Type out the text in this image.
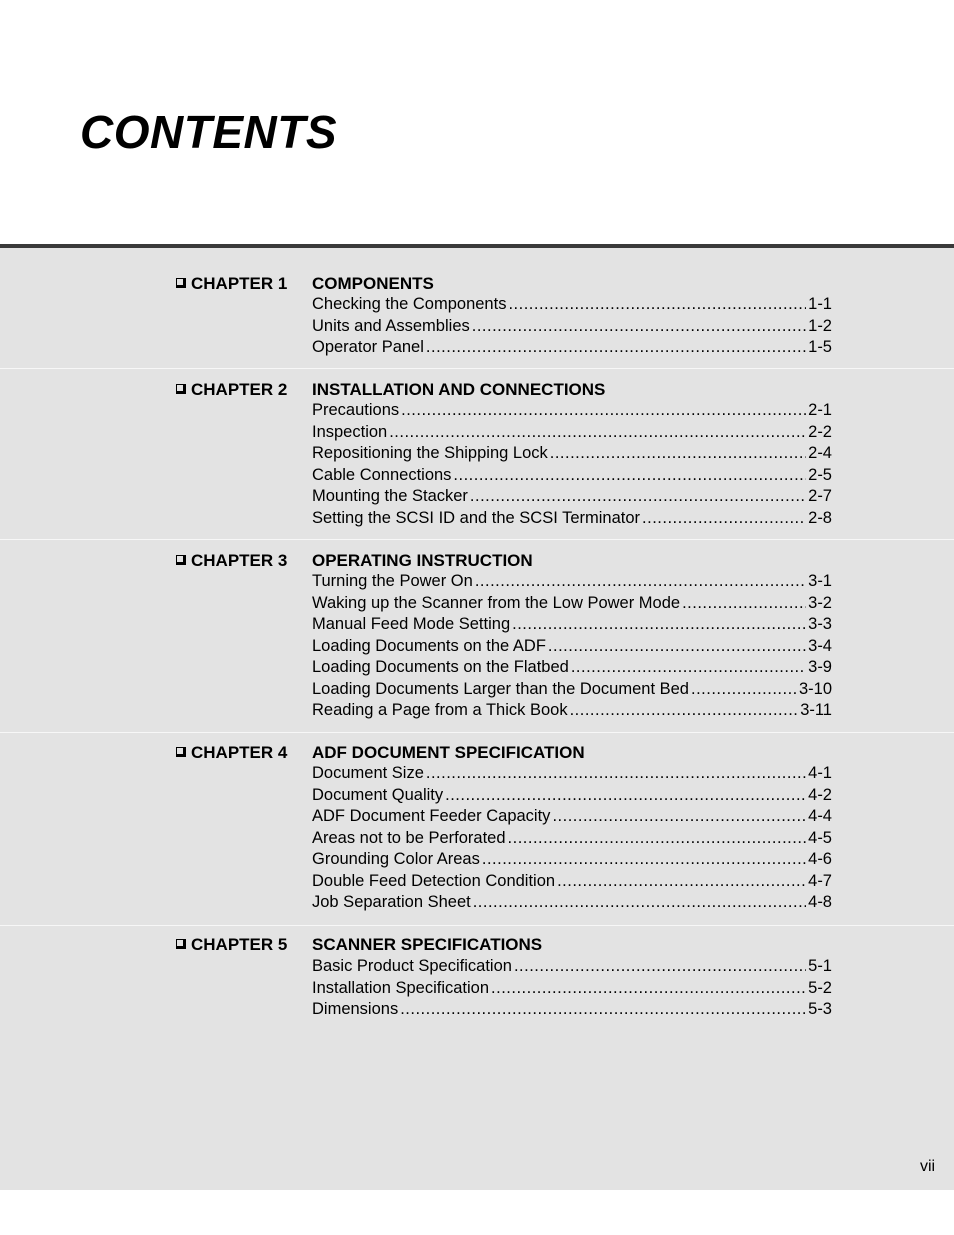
CONTENTS
CHAPTER 1 COMPONENTS
Checking the Components .....	1-1
Units and Assemblies .....	1-2
Operator Panel .....	1-5
CHAPTER 2 INSTALLATION AND CONNECTIONS
Precautions .....	2-1
Inspection .....	2-2
Repositioning the Shipping Lock .....	2-4
Cable Connections .....	2-5
Mounting the Stacker .....	2-7
Setting the SCSI ID and the SCSI Terminator .....	2-8
CHAPTER 3 OPERATING INSTRUCTION
Turning the Power On .....	3-1
Waking up the Scanner from the Low Power Mode .....	3-2
Manual Feed Mode Setting .....	3-3
Loading Documents on the ADF .....	3-4
Loading Documents on the Flatbed .....	3-9
Loading Documents Larger than the Document Bed .....	3-10
Reading a Page from a Thick Book .....	3-11
CHAPTER 4 ADF DOCUMENT SPECIFICATION
Document Size .....	4-1
Document Quality .....	4-2
ADF Document Feeder Capacity .....	4-4
Areas not to be Perforated .....	4-5
Grounding Color Areas .....	4-6
Double Feed Detection Condition .....	4-7
Job Separation Sheet .....	4-8
CHAPTER 5 SCANNER SPECIFICATIONS
Basic Product Specification .....	5-1
Installation Specification .....	5-2
Dimensions .....	5-3
vii
